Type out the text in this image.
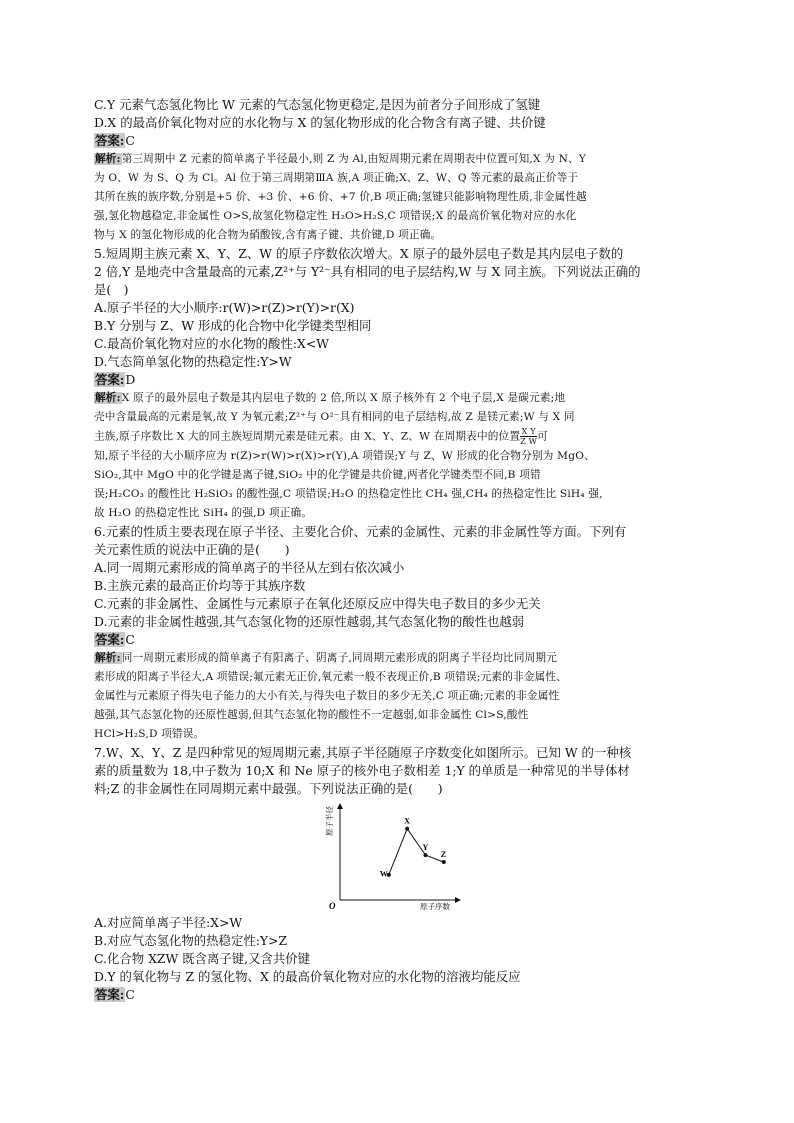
C.Y 元素气态氢化物比 W 元素的气态氢化物更稳定,是因为前者分子间形成了氢键
D.X 的最高价氧化物对应的水化物与 X 的氢化物形成的化合物含有离子键、共价键
答案:C
解析:第三周期中 Z 元素的简单离子半径最小,则 Z 为 Al,由短周期元素在周期表中位置可知,X 为 N、Y
为 O、W 为 S、Q 为 Cl。Al 位于第三周期第ⅢA 族,A 项正确;X、Z、W、Q 等元素的最高正价等于
其所在族的族序数,分别是+5 价、+3 价、+6 价、+7 价,B 项正确;氢键只能影响物理性质,非金属性越
强,氢化物越稳定,非金属性 O>S,故氢化物稳定性 H₂O>H₂S,C 项错误;X 的最高价氧化物对应的水化
物与 X 的氢化物形成的化合物为硝酸铵,含有离子键、共价键,D 项正确。
5.短周期主族元素 X、Y、Z、W 的原子序数依次增大。X 原子的最外层电子数是其内层电子数的
2 倍,Y 是地壳中含量最高的元素,Z²⁺与 Y²⁻具有相同的电子层结构,W 与 X 同主族。下列说法正确的
是(　)
A.原子半径的大小顺序:r(W)>r(Z)>r(Y)>r(X)
B.Y 分别与 Z、W 形成的化合物中化学键类型相同
C.最高价氧化物对应的水化物的酸性:X<W
D.气态简单氢化物的热稳定性:Y>W
答案:D
解析:X 原子的最外层电子数是其内层电子数的 2 倍,所以 X 原子核外有 2 个电子层,X 是碳元素;地
壳中含量最高的元素是氧,故 Y 为氧元素;Z²⁺与 O²⁻具有相同的电子层结构,故 Z 是镁元素;W 与 X 同
主族,原子序数比 X 大的同主族短周期元素是硅元素。由 X、Y、Z、W 在周期表中的位置 $\frac{\text{X Y}}{\text{Z W}}$ 可
知,原子半径的大小顺序应为 r(Z)>r(W)>r(X)>r(Y),A 项错误;Y 与 Z、W 形成的化合物分别为 MgO、
SiO₂,其中 MgO 中的化学键是离子键,SiO₂ 中的化学键是共价键,两者化学键类型不同,B 项错
误;H₂CO₃ 的酸性比 H₂SiO₃ 的酸性强,C 项错误;H₂O 的热稳定性比 CH₄ 强,CH₄ 的热稳定性比 SiH₄ 强,
故 H₂O 的热稳定性比 SiH₄ 的强,D 项正确。
6.元素的性质主要表现在原子半径、主要化合价、元素的金属性、元素的非金属性等方面。下列有
关元素性质的说法中正确的是(　　)
A.同一周期元素形成的简单离子的半径从左到右依次减小
B.主族元素的最高正价均等于其族序数
C.元素的非金属性、金属性与元素原子在氧化还原反应中得失电子数目的多少无关
D.元素的非金属性越强,其气态氢化物的还原性越弱,其气态氢化物的酸性也越弱
答案:C
解析:同一周期元素形成的简单离子有阳离子、阴离子,同周期元素形成的阴离子半径均比同周期元
素形成的阳离子半径大,A 项错误;氟元素无正价,氧元素一般不表现正价,B 项错误;元素的非金属性、
金属性与元素原子得失电子能力的大小有关,与得失电子数目的多少无关,C 项正确;元素的非金属性
越强,其气态氢化物的还原性越弱,但其气态氢化物的酸性不一定越弱,如非金属性 Cl>S,酸性
HCl>H₂S,D 项错误。
7.W、X、Y、Z 是四种常见的短周期元素,其原子半径随原子序数变化如图所示。已知 W 的一种核
素的质量数为 18,中子数为 10;X 和 Ne 原子的核外电子数相差 1;Y 的单质是一种常见的半导体材
料;Z 的非金属性在同周期元素中最强。下列说法正确的是(　　)
O	原子序数
原子半径
W
X
Y
Z
A.对应简单离子半径:X>W
B.对应气态氢化物的热稳定性:Y>Z
C.化合物 XZW 既含离子键,又含共价键
D.Y 的氧化物与 Z 的氢化物、X 的最高价氧化物对应的水化物的溶液均能反应
答案:C
